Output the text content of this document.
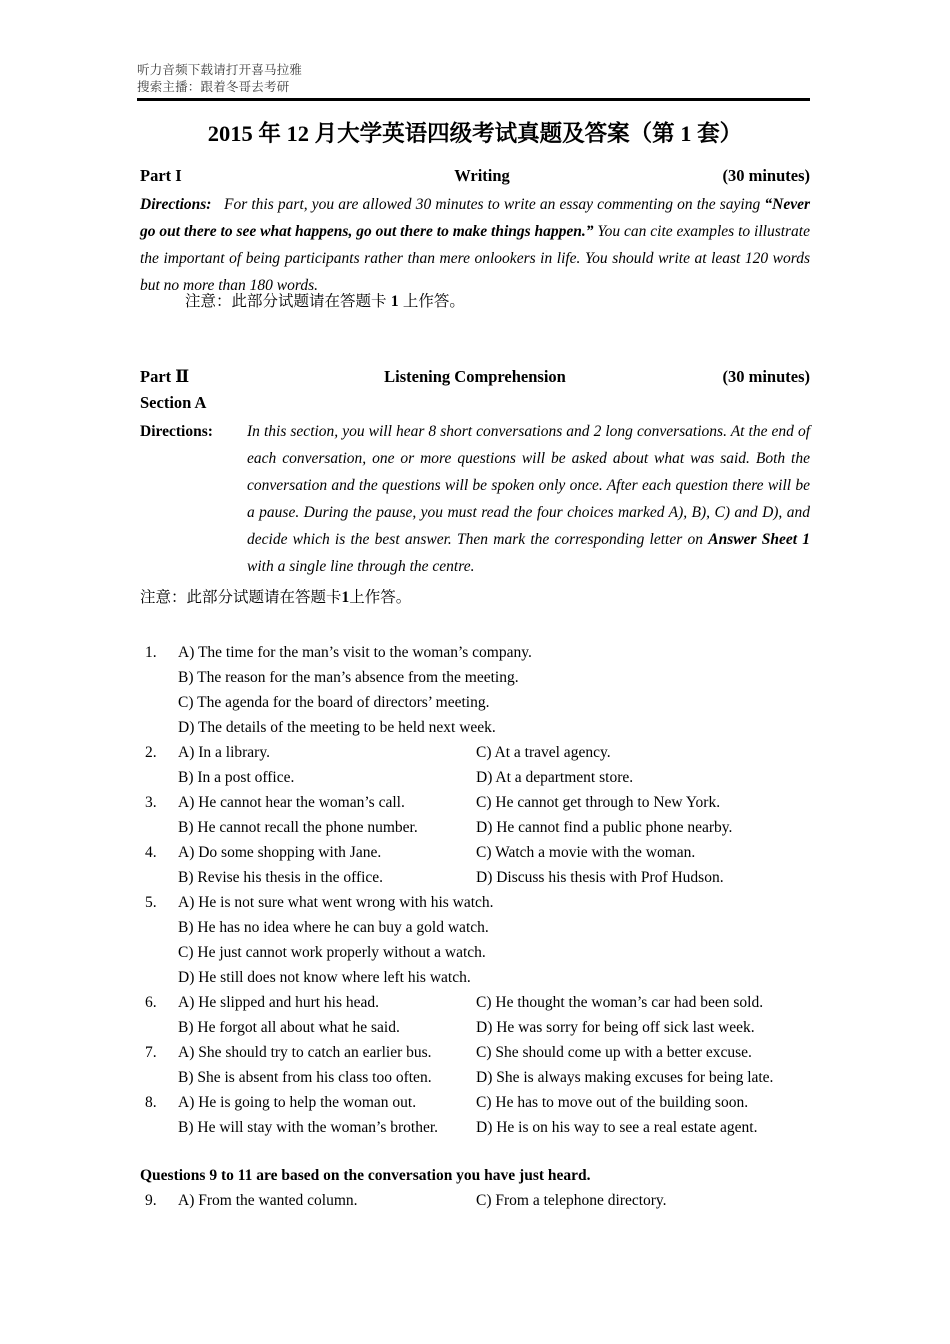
听力音频下载请打开喜马拉雅
搜索主播：跟着冬哥去考研
2015 年 12 月大学英语四级考试真题及答案（第 1 套）
Part I	Writing	(30 minutes)
Directions: For this part, you are allowed 30 minutes to write an essay commenting on the saying “Never go out there to see what happens, go out there to make things happen.” You can cite examples to illustrate the important of being participants rather than mere onlookers in life. You should write at least 120 words but no more than 180 words.
注意：此部分试题请在答题卡 1 上作答。
Part Ⅱ	Listening Comprehension	(30 minutes)
Section A
Directions: In this section, you will hear 8 short conversations and 2 long conversations. At the end of each conversation, one or more questions will be asked about what was said. Both the conversation and the questions will be spoken only once. After each question there will be a pause. During the pause, you must read the four choices marked A), B), C) and D), and decide which is the best answer. Then mark the corresponding letter on Answer Sheet 1 with a single line through the centre.
注意：此部分试题请在答题卡1上作答。
1.	A) The time for the man’s visit to the woman’s company.
B) The reason for the man’s absence from the meeting.
C) The agenda for the board of directors’ meeting.
D) The details of the meeting to be held next week.
2.	A) In a library.	C) At a travel agency.
B) In a post office.	D) At a department store.
3.	A) He cannot hear the woman’s call.	C) He cannot get through to New York.
B) He cannot recall the phone number.	D) He cannot find a public phone nearby.
4.	A) Do some shopping with Jane.	C) Watch a movie with the woman.
B) Revise his thesis in the office.	D) Discuss his thesis with Prof Hudson.
5.	A) He is not sure what went wrong with his watch.
B) He has no idea where he can buy a gold watch.
C) He just cannot work properly without a watch.
D) He still does not know where left his watch.
6.	A) He slipped and hurt his head.	C) He thought the woman’s car had been sold.
B) He forgot all about what he said.	D) He was sorry for being off sick last week.
7.	A) She should try to catch an earlier bus.	C) She should come up with a better excuse.
B) She is absent from his class too often.	D) She is always making excuses for being late.
8.	A) He is going to help the woman out.	C) He has to move out of the building soon.
B) He will stay with the woman’s brother. D) He is on his way to see a real estate agent.
Questions 9 to 11 are based on the conversation you have just heard.
9.	A) From the wanted column.	C) From a telephone directory.
